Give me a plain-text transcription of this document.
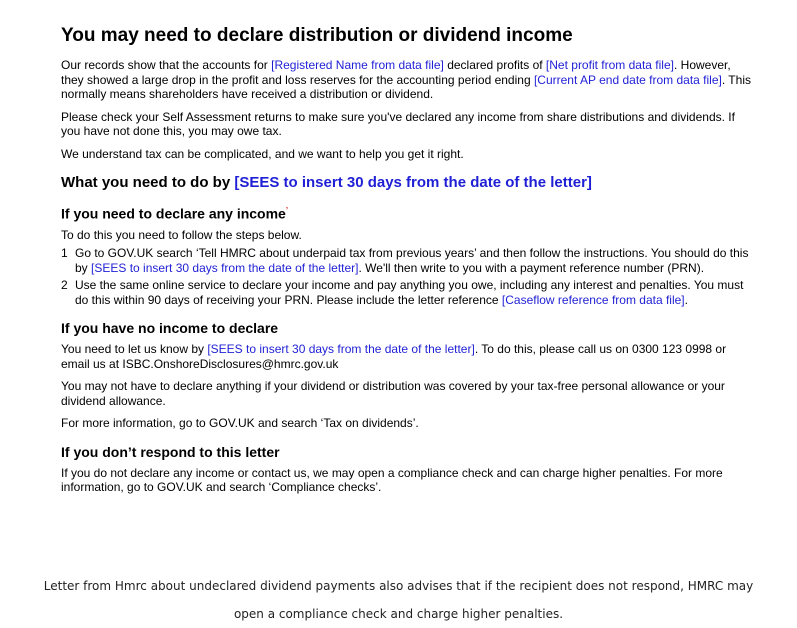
You may need to declare distribution or dividend income

Our records show that the accounts for [Registered Name from data file] declared profits of [Net profit from data file]. However, they showed a large drop in the profit and loss reserves for the accounting period ending [Current AP end date from data file]. This normally means shareholders have received a distribution or dividend.

Please check your Self Assessment returns to make sure you've declared any income from share distributions and dividends. If you have not done this, you may owe tax.

We understand tax can be complicated, and we want to help you get it right.

What you need to do by [SEES to insert 30 days from the date of the letter]
If you need to declare any income’

To do this you need to follow the steps below.

1 Go to GOV.UK search ‘Tell HMRC about underpaid tax from previous years’ and then follow the instructions. You should do this by [SEES to insert 30 days from the date of the letter]. We'll then write to you with a payment reference number (PRN).
2 Use the same online service to declare your income and pay anything you owe, including any interest and penalties. You must do this within 90 days of receiving your PRN. Please include the letter reference [Caseflow reference from data file].
If you have no income to declare

You need to let us know by [SEES to insert 30 days from the date of the letter]. To do this, please call us on 0300 123 0998 or email us at ISBC.OnshoreDisclosures@hmrc.gov.uk

You may not have to declare anything if your dividend or distribution was covered by your tax-free personal allowance or your dividend allowance.

For more information, go to GOV.UK and search ‘Tax on dividends’.

If you don’t respond to this letter

If you do not declare any income or contact us, we may open a compliance check and can charge higher penalties. For more information, go to GOV.UK and search ‘Compliance checks’.

Letter from Hmrc about undeclared dividend payments also advises that if the recipient does not respond, HMRC may
open a compliance check and charge higher penalties.
